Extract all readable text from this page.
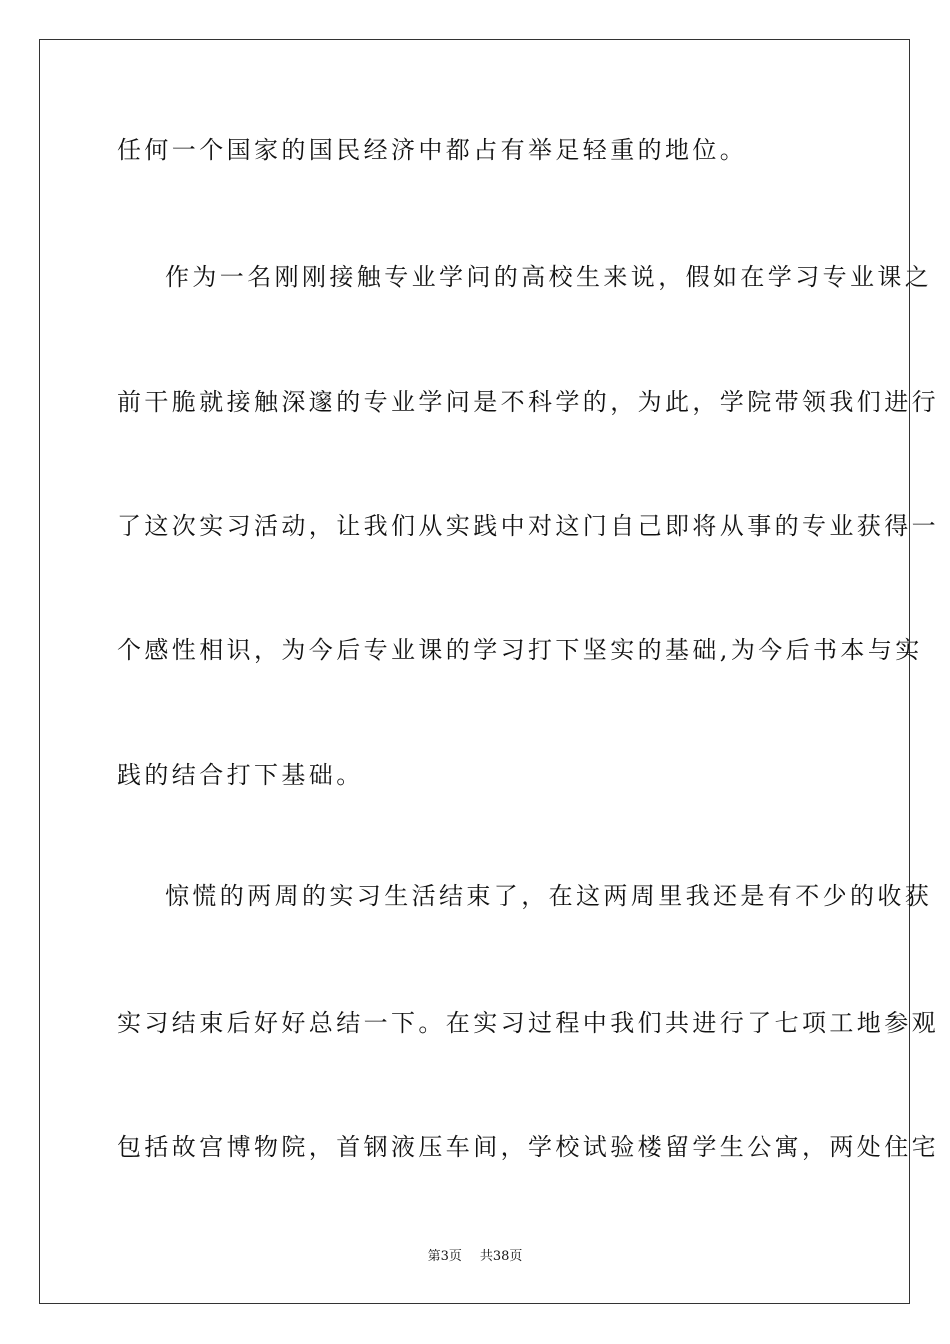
任何一个国家的国民经济中都占有举足轻重的地位。
作为一名刚刚接触专业学问的高校生来说，假如在学习专业课之
前干脆就接触深邃的专业学问是不科学的，为此，学院带领我们进行
了这次实习活动，让我们从实践中对这门自己即将从事的专业获得一
个感性相识，为今后专业课的学习打下坚实的基础,为今后书本与实
践的结合打下基础。
惊慌的两周的实习生活结束了，在这两周里我还是有不少的收获
实习结束后好好总结一下。在实习过程中我们共进行了七项工地参观
包括故宫博物院，首钢液压车间，学校试验楼留学生公寓，两处住宅
第3页 共38页
